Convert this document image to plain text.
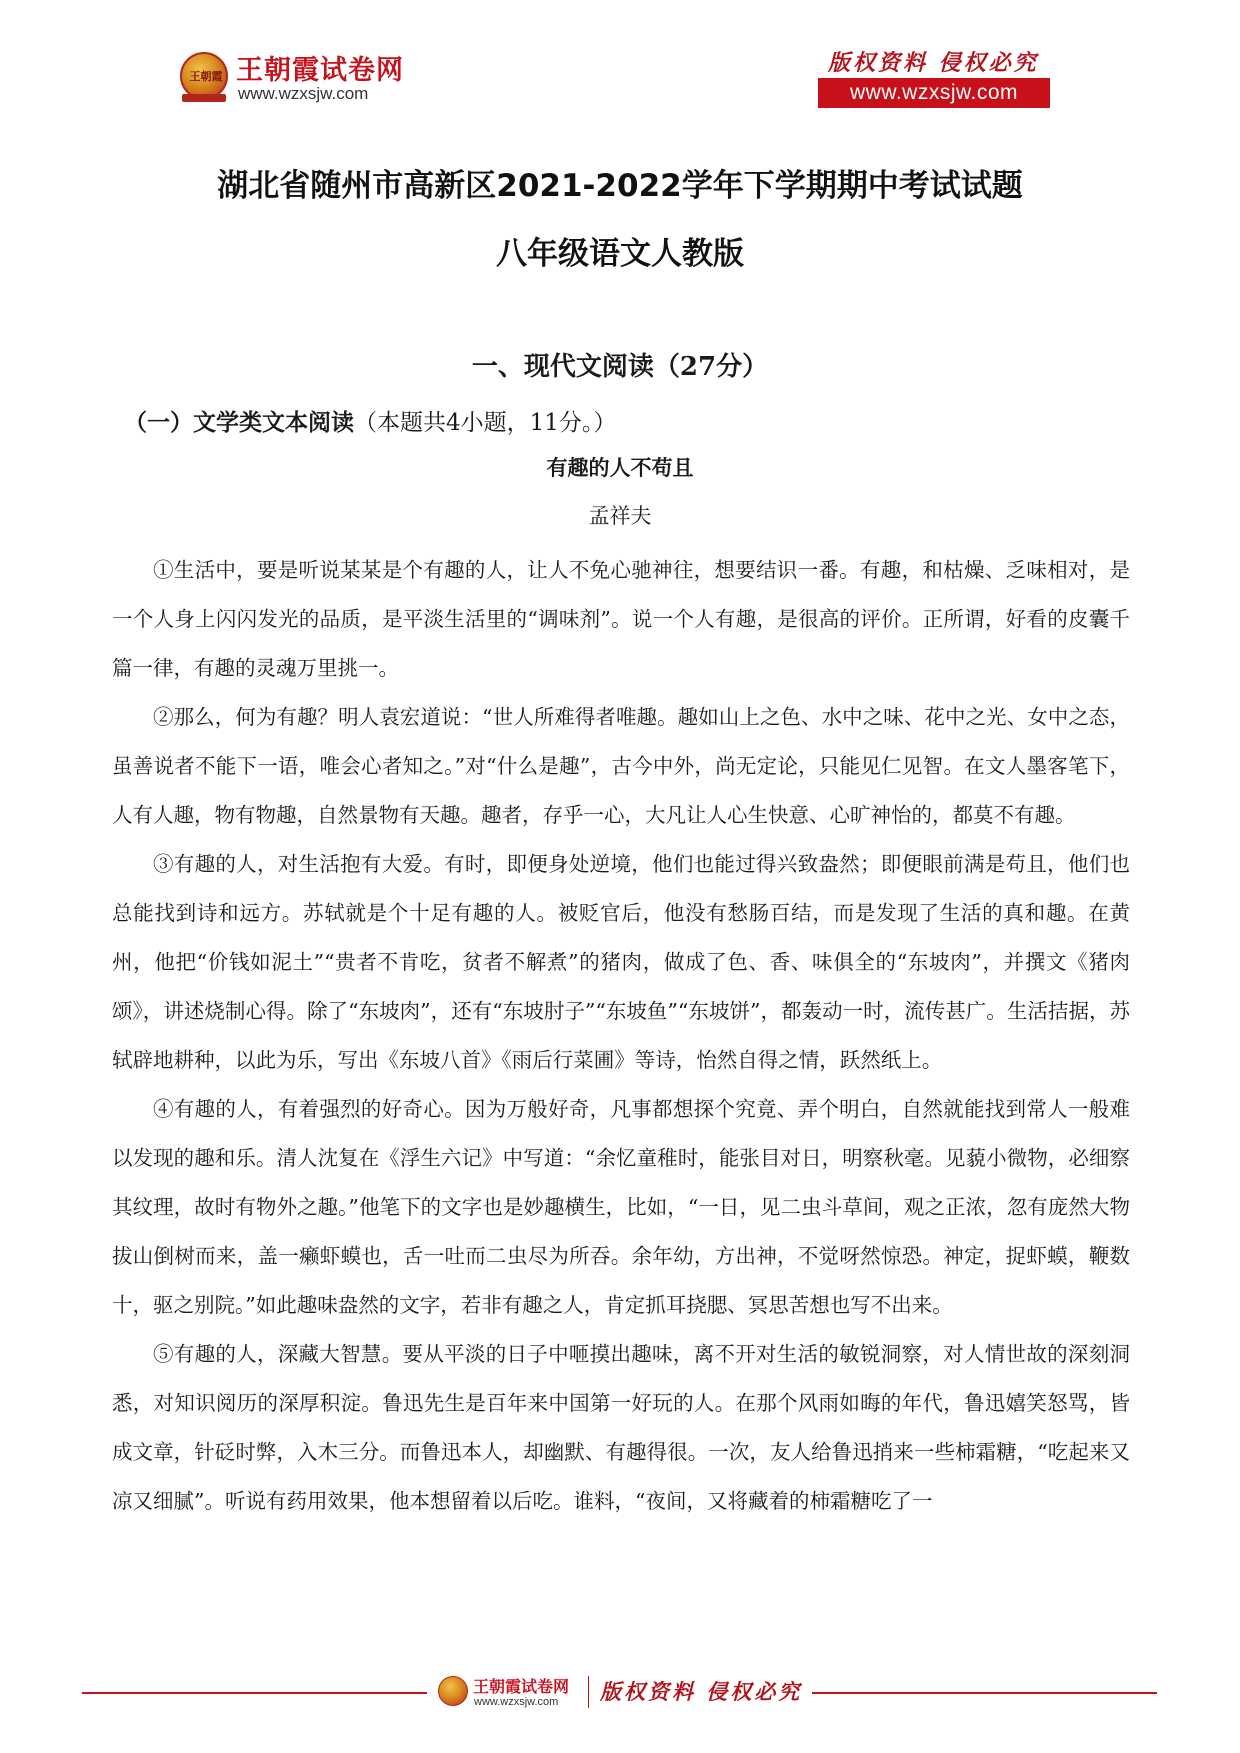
王朝霞 王朝霞试卷网
www.wzxsjw.com
版权资料 侵权必究
www.wzxsjw.com
湖北省随州市高新区2021-2022学年下学期期中考试试题
八年级语文人教版
一、现代文阅读（27分）
（一）文学类文本阅读（本题共4小题，11分。）
有趣的人不苟且
孟祥夫

①生活中，要是听说某某是个有趣的人，让人不免心驰神往，想要结识一番。有趣，和枯燥、乏味相对，是一个人身上闪闪发光的品质，是平淡生活里的“调味剂”。说一个人有趣，是很高的评价。正所谓，好看的皮囊千篇一律，有趣的灵魂万里挑一。

②那么，何为有趣？明人袁宏道说：“世人所难得者唯趣。趣如山上之色、水中之味、花中之光、女中之态，虽善说者不能下一语，唯会心者知之。”对“什么是趣”，古今中外，尚无定论，只能见仁见智。在文人墨客笔下，人有人趣，物有物趣，自然景物有天趣。趣者，存乎一心，大凡让人心生快意、心旷神怡的，都莫不有趣。

③有趣的人，对生活抱有大爱。有时，即便身处逆境，他们也能过得兴致盎然；即便眼前满是苟且，他们也总能找到诗和远方。苏轼就是个十足有趣的人。被贬官后，他没有愁肠百结，而是发现了生活的真和趣。在黄州，他把“价钱如泥土”“贵者不肯吃，贫者不解煮”的猪肉，做成了色、香、味俱全的“东坡肉”，并撰文《猪肉颂》，讲述烧制心得。除了“东坡肉”，还有“东坡肘子”“东坡鱼”“东坡饼”，都轰动一时，流传甚广。生活拮据，苏轼辟地耕种，以此为乐，写出《东坡八首》《雨后行菜圃》等诗，怡然自得之情，跃然纸上。

④有趣的人，有着强烈的好奇心。因为万般好奇，凡事都想探个究竟、弄个明白，自然就能找到常人一般难以发现的趣和乐。清人沈复在《浮生六记》中写道：“余忆童稚时，能张目对日，明察秋毫。见藐小微物，必细察其纹理，故时有物外之趣。”他笔下的文字也是妙趣横生，比如，“一日，见二虫斗草间，观之正浓，忽有庞然大物拔山倒树而来，盖一癞虾蟆也，舌一吐而二虫尽为所吞。余年幼，方出神，不觉呀然惊恐。神定，捉虾蟆，鞭数十，驱之别院。”如此趣味盎然的文字，若非有趣之人，肯定抓耳挠腮、冥思苦想也写不出来。

⑤有趣的人，深藏大智慧。要从平淡的日子中咂摸出趣味，离不开对生活的敏锐洞察，对人情世故的深刻洞悉，对知识阅历的深厚积淀。鲁迅先生是百年来中国第一好玩的人。在那个风雨如晦的年代，鲁迅嬉笑怒骂，皆成文章，针砭时弊，入木三分。而鲁迅本人，却幽默、有趣得很。一次，友人给鲁迅捎来一些柿霜糖，“吃起来又凉又细腻”。听说有药用效果，他本想留着以后吃。谁料，“夜间，又将藏着的柿霜糖吃了一

王朝霞试卷网
www.wzxsjw.com 版权资料 侵权必究
